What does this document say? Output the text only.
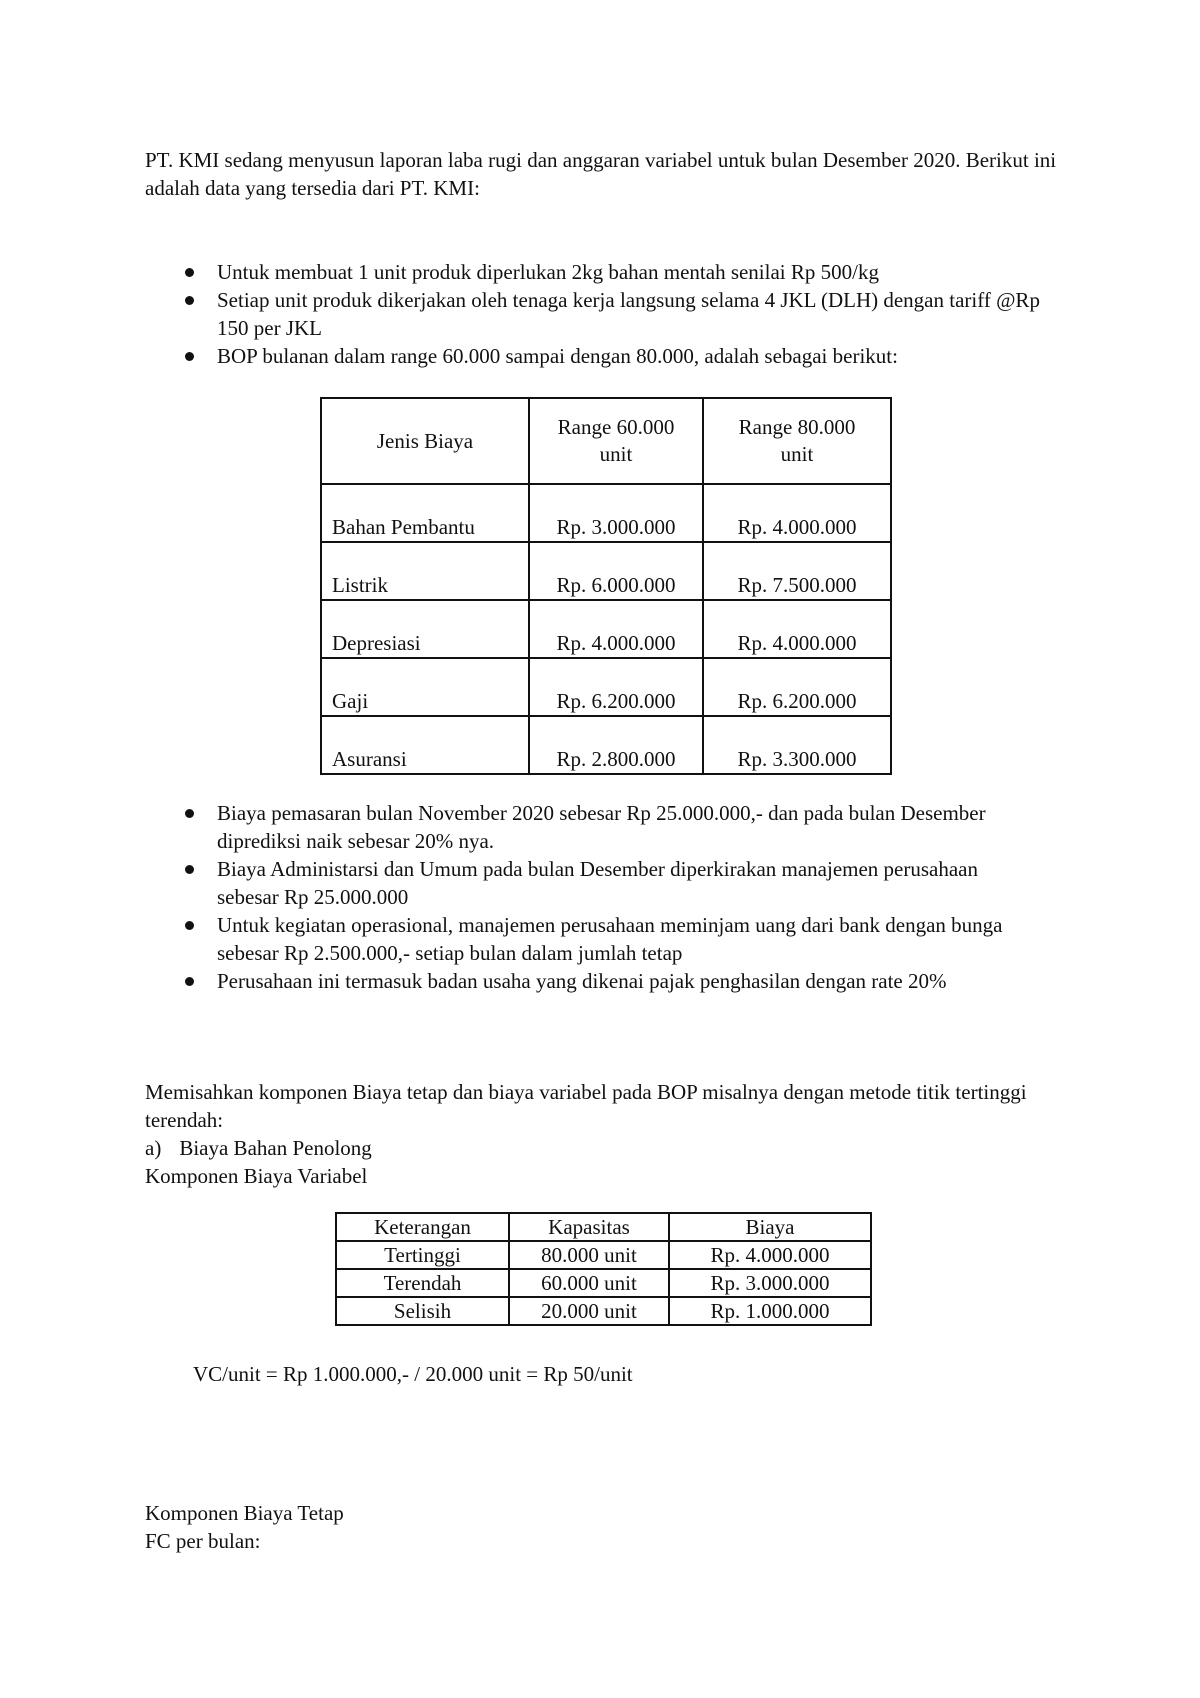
PT. KMI sedang menyusun laporan laba rugi dan anggaran variabel untuk bulan Desember 2020. Berikut ini adalah data yang tersedia dari PT. KMI:
Untuk membuat 1 unit produk diperlukan 2kg bahan mentah senilai Rp 500/kg
Setiap unit produk dikerjakan oleh tenaga kerja langsung selama 4 JKL (DLH) dengan tariff @Rp 150 per JKL
BOP bulanan dalam range 60.000 sampai dengan 80.000, adalah sebagai berikut:
Jenis Biaya	Range 60.000 unit	Range 80.000 unit

Bahan Pembantu	Rp. 3.000.000	Rp. 4.000.000

Listrik	Rp. 6.000.000	Rp. 7.500.000

Depresiasi	Rp. 4.000.000	Rp. 4.000.000

Gaji	Rp. 6.200.000	Rp. 6.200.000

Asuransi	Rp. 2.800.000	Rp. 3.300.000
Biaya pemasaran bulan November 2020 sebesar Rp 25.000.000,- dan pada bulan Desember diprediksi naik sebesar 20% nya.
Biaya Administarsi dan Umum pada bulan Desember diperkirakan manajemen perusahaan sebesar Rp 25.000.000
Untuk kegiatan operasional, manajemen perusahaan meminjam uang dari bank dengan bunga sebesar Rp 2.500.000,- setiap bulan dalam jumlah tetap
Perusahaan ini termasuk badan usaha yang dikenai pajak penghasilan dengan rate 20%
Memisahkan komponen Biaya tetap dan biaya variabel pada BOP misalnya dengan metode titik tertinggi terendah:
a) Biaya Bahan Penolong
Komponen Biaya Variabel
Keterangan	Kapasitas	Biaya
Tertinggi	80.000 unit	Rp. 4.000.000
Terendah	60.000 unit	Rp. 3.000.000
Selisih	20.000 unit	Rp. 1.000.000
VC/unit = Rp 1.000.000,- / 20.000 unit = Rp 50/unit
Komponen Biaya Tetap
FC per bulan:
